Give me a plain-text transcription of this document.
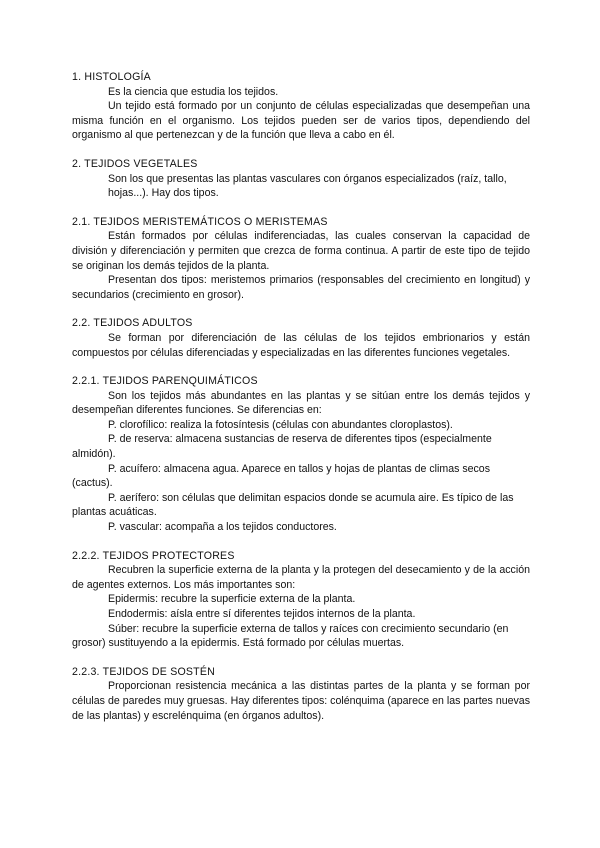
1. HISTOLOGÍA
Es la ciencia que estudia los tejidos.
Un tejido está formado por un conjunto de células especializadas que desempeñan una misma función en el organismo. Los tejidos pueden ser de varios tipos, dependiendo del organismo al que pertenezcan y de la función que lleva a cabo en él.
2. TEJIDOS VEGETALES
Son los que presentas las plantas vasculares con órganos especializados (raíz, tallo, hojas...). Hay dos tipos.
2.1. TEJIDOS MERISTEMÁTICOS O MERISTEMAS
Están formados por células indiferenciadas, las cuales conservan la capacidad de división y diferenciación y permiten que crezca de forma continua. A partir de este tipo de tejido se originan los demás tejidos de la planta.
Presentan dos tipos: meristemos primarios (responsables del crecimiento en longitud) y secundarios (crecimiento en grosor).
2.2. TEJIDOS ADULTOS
Se forman por diferenciación de las células de los tejidos embrionarios y están compuestos por células diferenciadas y especializadas en las diferentes funciones vegetales.
2.2.1. TEJIDOS PARENQUIMÁTICOS
Son los tejidos más abundantes en las plantas y se sitúan entre los demás tejidos y desempeñan diferentes funciones. Se diferencias en:
P. clorofílico: realiza la fotosíntesis (células con abundantes cloroplastos).
P. de reserva: almacena sustancias de reserva de diferentes tipos (especialmente almidón).
P. acuífero: almacena agua. Aparece en tallos y hojas de plantas de climas secos (cactus).
P. aerífero: son células que delimitan espacios donde se acumula aire. Es típico de las plantas acuáticas.
P. vascular: acompaña a los tejidos conductores.
2.2.2. TEJIDOS PROTECTORES
Recubren la superficie externa de la planta y la protegen del desecamiento y de la acción de agentes externos. Los más importantes son:
Epidermis: recubre la superficie externa de la planta.
Endodermis: aísla entre sí diferentes tejidos internos de la planta.
Súber: recubre la superficie externa de tallos y raíces con crecimiento secundario (en grosor) sustituyendo a la epidermis. Está formado por células muertas.
2.2.3. TEJIDOS DE SOSTÉN
Proporcionan resistencia mecánica a las distintas partes de la planta y se forman por células de paredes muy gruesas. Hay diferentes tipos: colénquima (aparece en las partes nuevas de las plantas) y escrelénquima (en órganos adultos).
